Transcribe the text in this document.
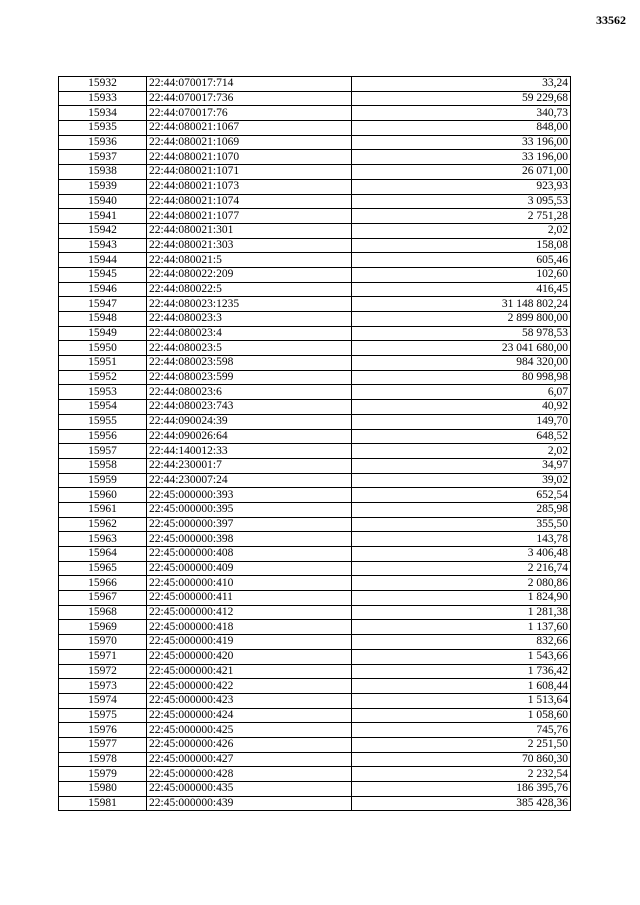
33562
15932	22:44:070017:714	33,24
15933	22:44:070017:736	59 229,68
15934	22:44:070017:76	340,73
15935	22:44:080021:1067	848,00
15936	22:44:080021:1069	33 196,00
15937	22:44:080021:1070	33 196,00
15938	22:44:080021:1071	26 071,00
15939	22:44:080021:1073	923,93
15940	22:44:080021:1074	3 095,53
15941	22:44:080021:1077	2 751,28
15942	22:44:080021:301	2,02
15943	22:44:080021:303	158,08
15944	22:44:080021:5	605,46
15945	22:44:080022:209	102,60
15946	22:44:080022:5	416,45
15947	22:44:080023:1235	31 148 802,24
15948	22:44:080023:3	2 899 800,00
15949	22:44:080023:4	58 978,53
15950	22:44:080023:5	23 041 680,00
15951	22:44:080023:598	984 320,00
15952	22:44:080023:599	80 998,98
15953	22:44:080023:6	6,07
15954	22:44:080023:743	40,92
15955	22:44:090024:39	149,70
15956	22:44:090026:64	648,52
15957	22:44:140012:33	2,02
15958	22:44:230001:7	34,97
15959	22:44:230007:24	39,02
15960	22:45:000000:393	652,54
15961	22:45:000000:395	285,98
15962	22:45:000000:397	355,50
15963	22:45:000000:398	143,78
15964	22:45:000000:408	3 406,48
15965	22:45:000000:409	2 216,74
15966	22:45:000000:410	2 080,86
15967	22:45:000000:411	1 824,90
15968	22:45:000000:412	1 281,38
15969	22:45:000000:418	1 137,60
15970	22:45:000000:419	832,66
15971	22:45:000000:420	1 543,66
15972	22:45:000000:421	1 736,42
15973	22:45:000000:422	1 608,44
15974	22:45:000000:423	1 513,64
15975	22:45:000000:424	1 058,60
15976	22:45:000000:425	745,76
15977	22:45:000000:426	2 251,50
15978	22:45:000000:427	70 860,30
15979	22:45:000000:428	2 232,54
15980	22:45:000000:435	186 395,76
15981	22:45:000000:439	385 428,36
